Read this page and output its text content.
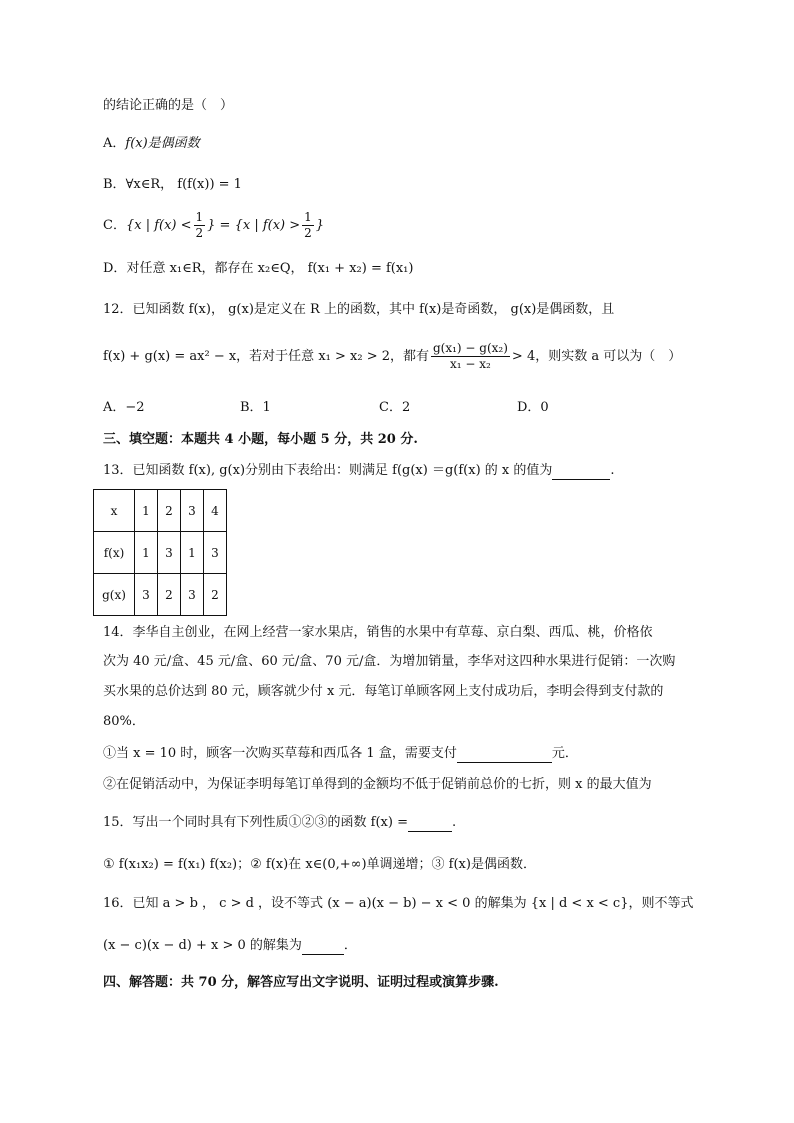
的结论正确的是（　）
A．f(x)是偶函数
B．∀x∈R， f(f(x)) = 1
C．{x | $f(x) < \frac{1}{2}$ } = {x | $f(x) > \frac{1}{2}$ }
D．对任意 x₁∈R，都存在 x₂∈Q， f(x₁ + x₂) = f(x₁)
12．已知函数 f(x)， g(x)是定义在 R 上的函数，其中 f(x)是奇函数， g(x)是偶函数，且
f(x) + g(x) = ax² − x，若对于任意 x₁ > x₂ > 2，都有 $\frac{\text{g(x₁) − g(x₂)}}{\text{x₁ − x₂}} > 4$，则实数 a 可以为（　）
A．−2	B．1	C．2	D．0
三、填空题：本题共 4 小题，每小题 5 分，共 20 分.
13．已知函数 f(x), g(x)分别由下表给出：则满足 f(g(x) ＝g(f(x) 的 x 的值为	.
x	1	2	3	4
f(x)	1	3	1	3
g(x)	3	2	3	2
14．李华自主创业，在网上经营一家水果店，销售的水果中有草莓、京白梨、西瓜、桃，价格依
次为 40 元/盒、45 元/盒、60 元/盒、70 元/盒．为增加销量，李华对这四种水果进行促销：一次购
买水果的总价达到 80 元，顾客就少付 x 元．每笔订单顾客网上支付成功后，李明会得到支付款的
80%．
①当 x = 10 时，顾客一次购买草莓和西瓜各 1 盒，需要支付	元．
②在促销活动中，为保证李明每笔订单得到的金额均不低于促销前总价的七折，则 x 的最大值为
15．写出一个同时具有下列性质①②③的函数 f(x) =	.
① f(x₁x₂) = f(x₁) f(x₂)；② f(x)在 x∈(0,+∞)单调递增；③ f(x)是偶函数．
16．已知 a > b ， c > d ，设不等式 (x − a)(x − b) − x < 0 的解集为 {x | d < x < c}，则不等式
(x − c)(x − d) + x > 0 的解集为	．
四、解答题：共 70 分，解答应写出文字说明、证明过程或演算步骤.
